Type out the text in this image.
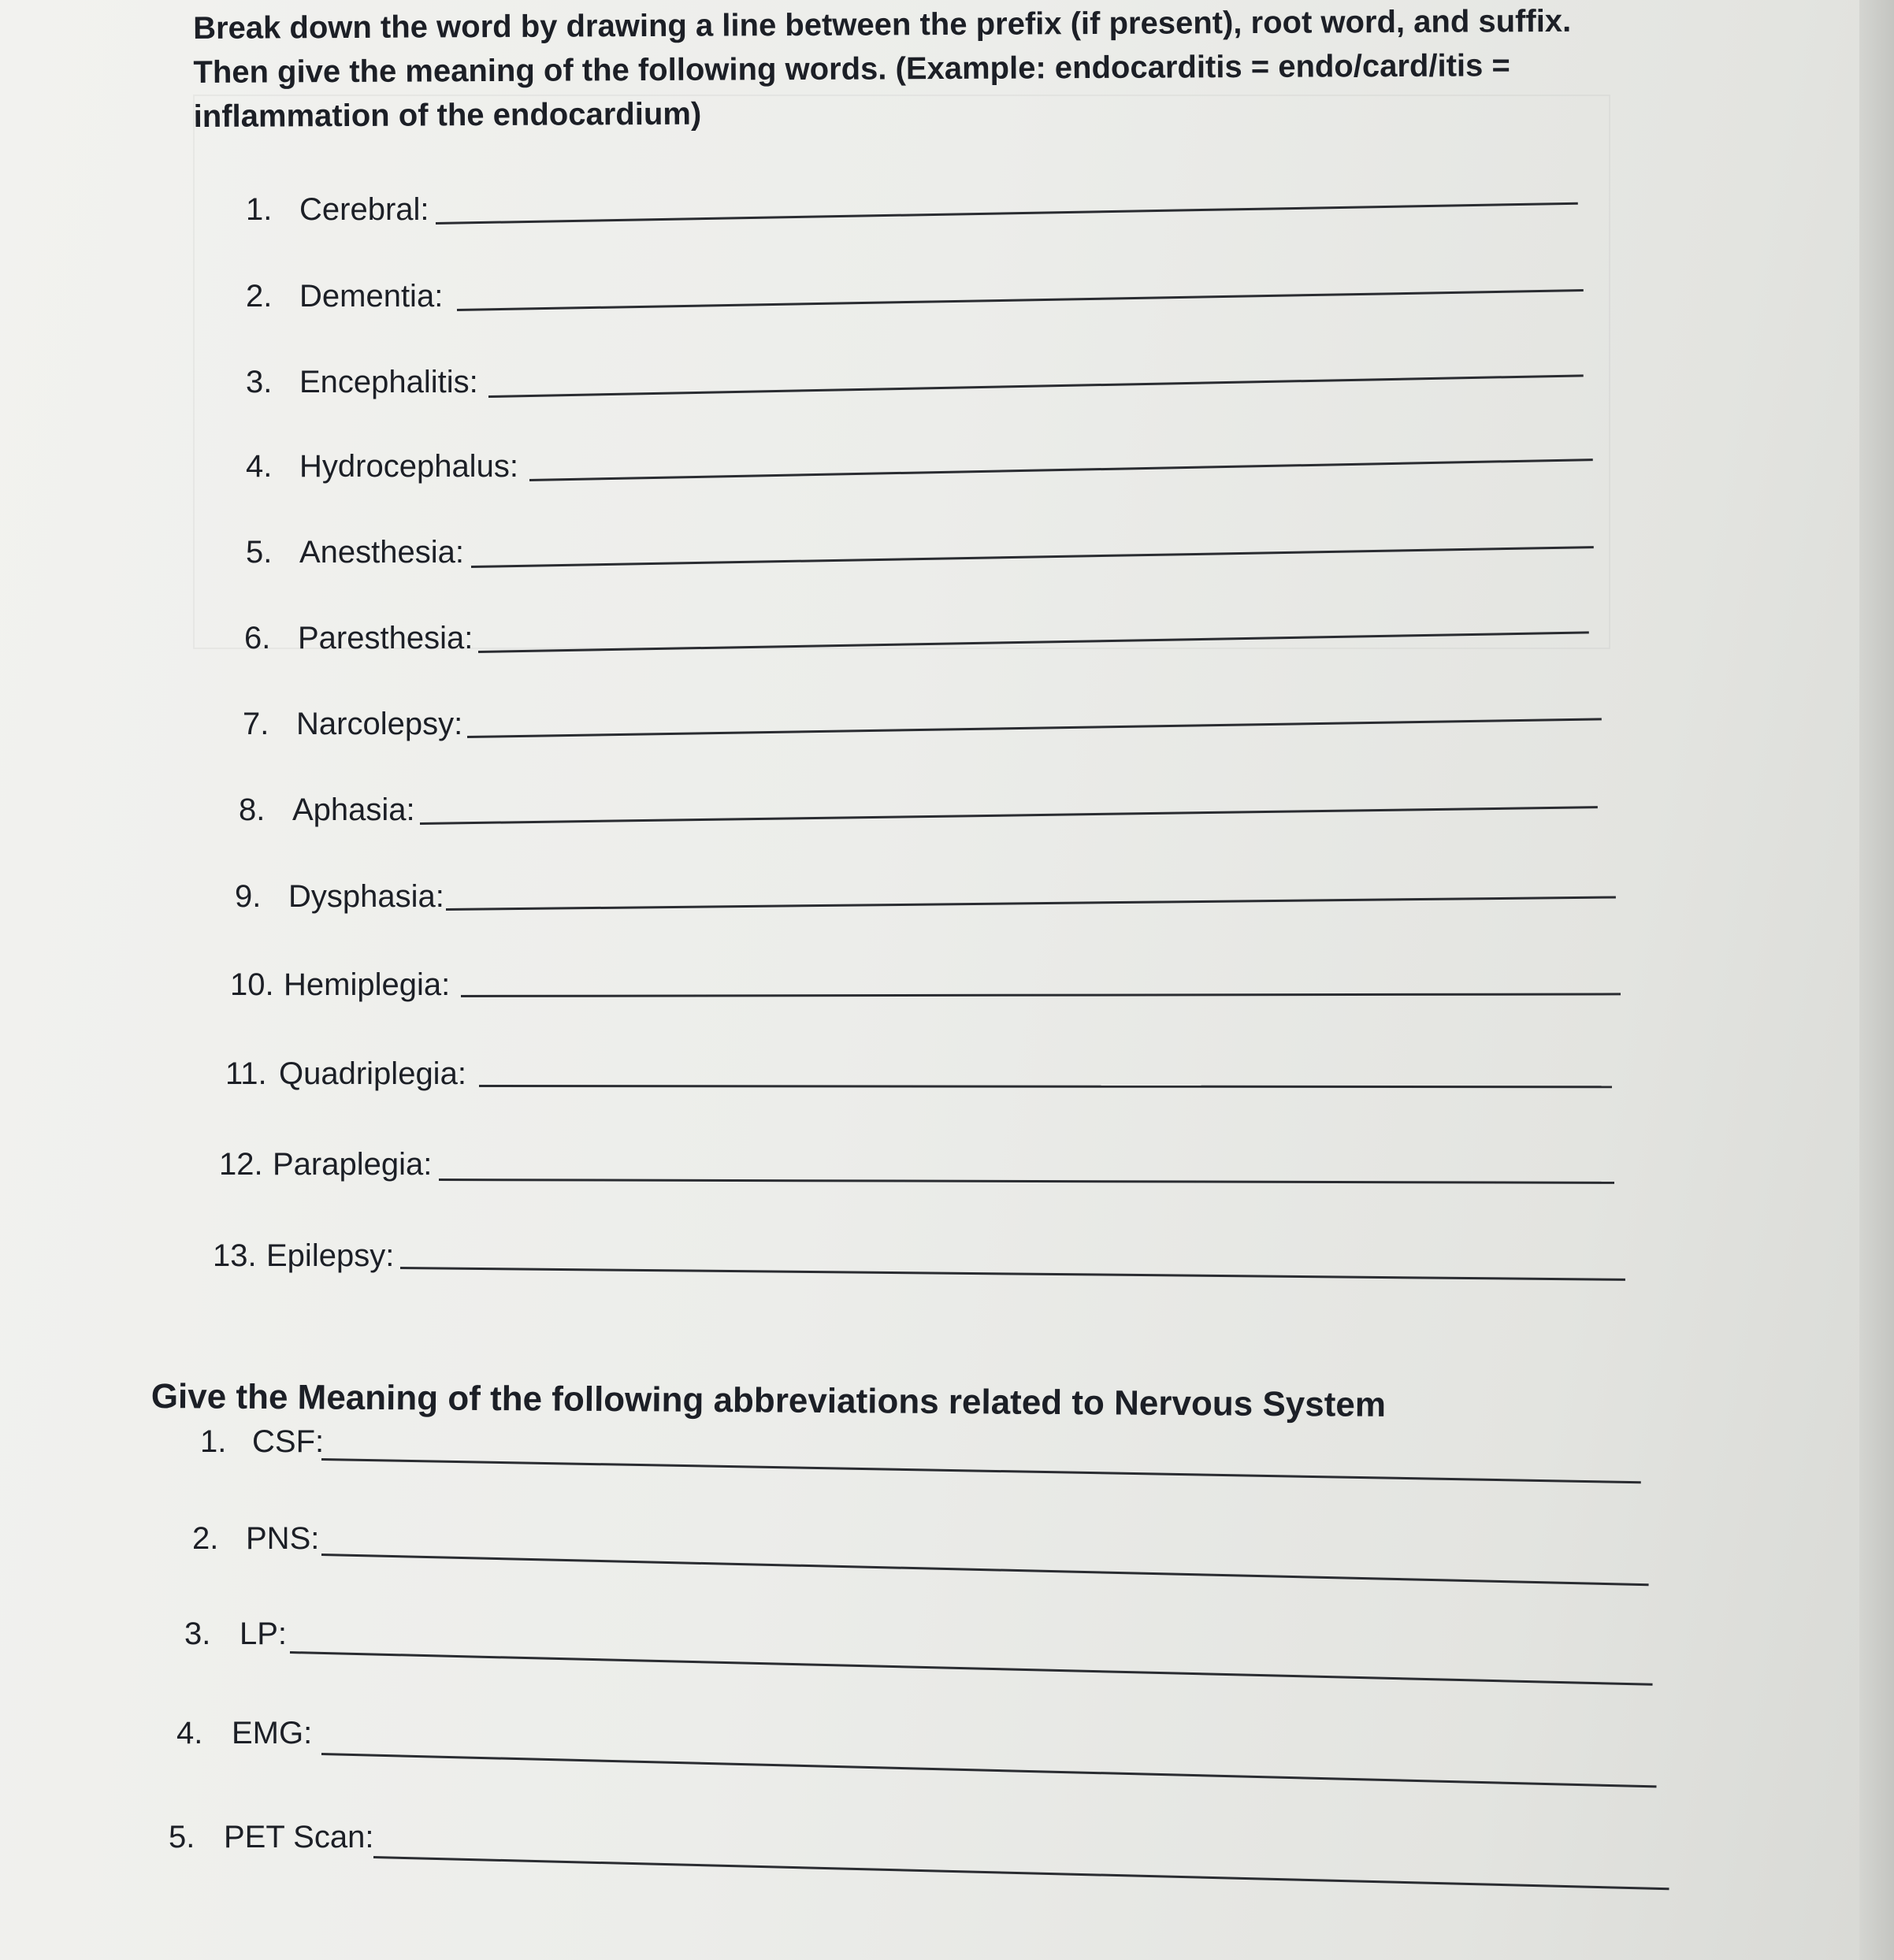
Break down the word by drawing a line between the prefix (if present), root word, and suffix. Then give the meaning of the following words. (Example: endocarditis = endo/card/itis = inflammation of the endocardium)

1. Cerebral:
2. Dementia:
3. Encephalitis:
4. Hydrocephalus:
5. Anesthesia:
6. Paresthesia:
7. Narcolepsy:
8. Aphasia:
9. Dysphasia:
10. Hemiplegia:
11. Quadriplegia:
12. Paraplegia:
13. Epilepsy:

Give the Meaning of the following abbreviations related to Nervous System

1. CSF:
2. PNS:
3. LP:
4. EMG:
5. PET Scan:
